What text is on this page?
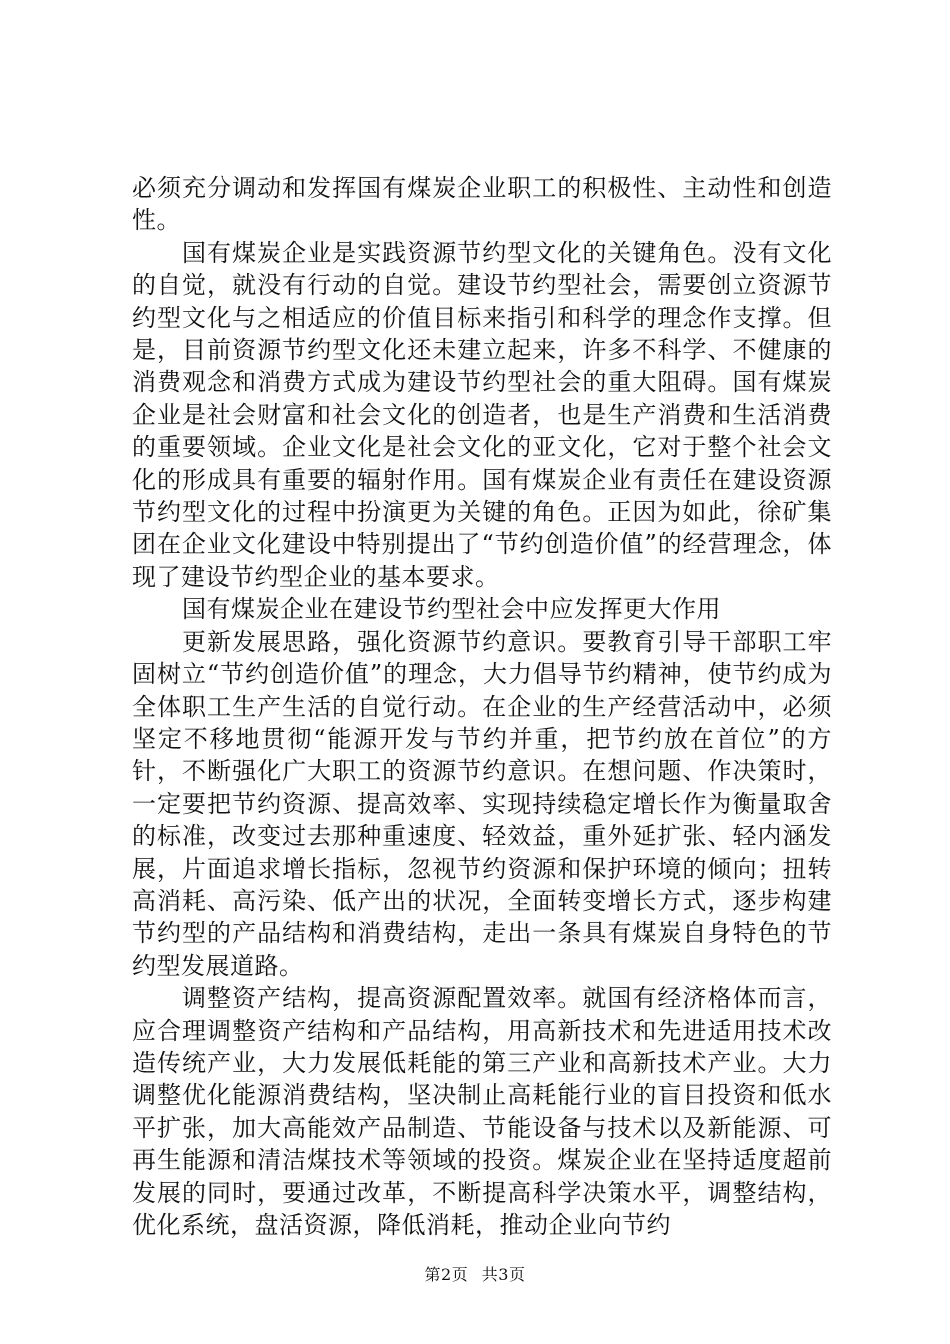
必须充分调动和发挥国有煤炭企业职工的积极性、主动性和创造性。

国有煤炭企业是实践资源节约型文化的关键角色。没有文化的自觉，就没有行动的自觉。建设节约型社会，需要创立资源节约型文化与之相适应的价值目标来指引和科学的理念作支撑。但是，目前资源节约型文化还未建立起来，许多不科学、不健康的消费观念和消费方式成为建设节约型社会的重大阻碍。国有煤炭企业是社会财富和社会文化的创造者，也是生产消费和生活消费的重要领域。企业文化是社会文化的亚文化，它对于整个社会文化的形成具有重要的辐射作用。国有煤炭企业有责任在建设资源节约型文化的过程中扮演更为关键的角色。正因为如此，徐矿集团在企业文化建设中特别提出了“节约创造价值”的经营理念，体现了建设节约型企业的基本要求。

国有煤炭企业在建设节约型社会中应发挥更大作用

更新发展思路，强化资源节约意识。要教育引导干部职工牢固树立“节约创造价值”的理念，大力倡导节约精神，使节约成为全体职工生产生活的自觉行动。在企业的生产经营活动中，必须坚定不移地贯彻“能源开发与节约并重，把节约放在首位”的方针，不断强化广大职工的资源节约意识。在想问题、作决策时，一定要把节约资源、提高效率、实现持续稳定增长作为衡量取舍的标准，改变过去那种重速度、轻效益，重外延扩张、轻内涵发展，片面追求增长指标，忽视节约资源和保护环境的倾向；扭转高消耗、高污染、低产出的状况，全面转变增长方式，逐步构建节约型的产品结构和消费结构，走出一条具有煤炭自身特色的节约型发展道路。

调整资产结构，提高资源配置效率。就国有经济格体而言，应合理调整资产结构和产品结构，用高新技术和先进适用技术改造传统产业，大力发展低耗能的第三产业和高新技术产业。大力调整优化能源消费结构，坚决制止高耗能行业的盲目投资和低水平扩张，加大高能效产品制造、节能设备与技术以及新能源、可再生能源和清洁煤技术等领域的投资。煤炭企业在坚持适度超前发展的同时，要通过改革，不断提高科学决策水平，调整结构，优化系统，盘活资源，降低消耗，推动企业向节约

第2页 共3页
